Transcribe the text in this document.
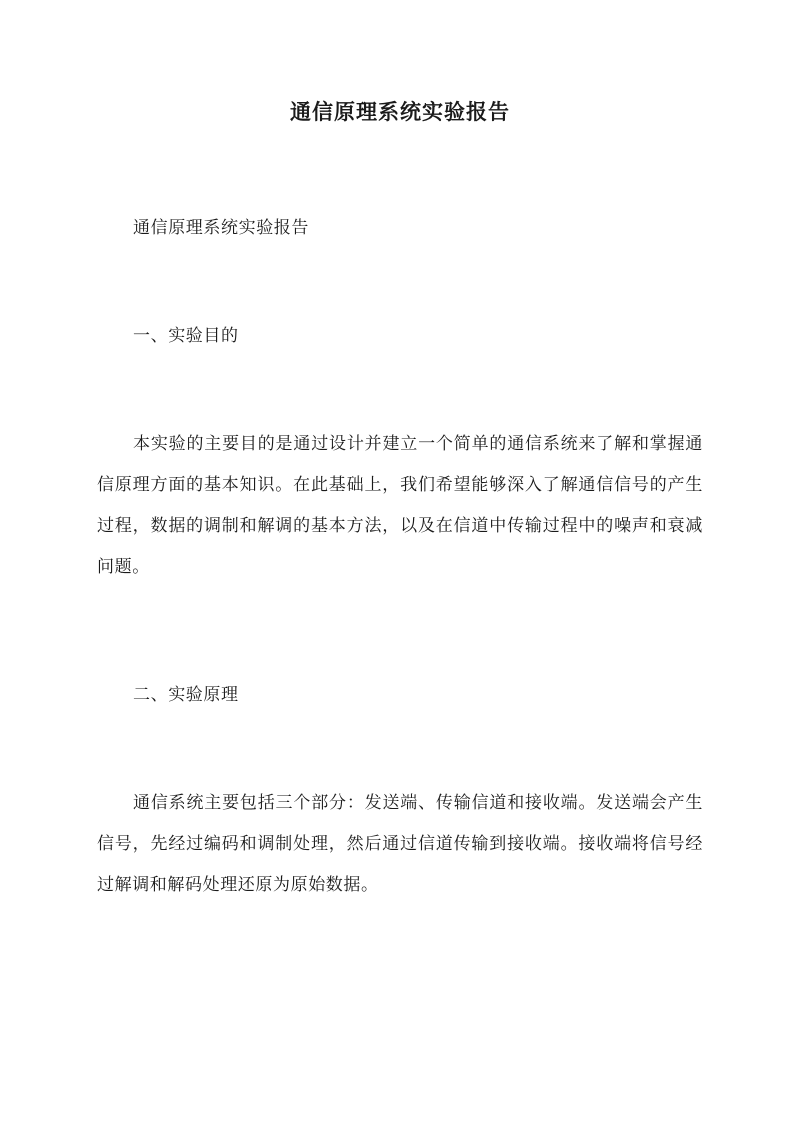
通信原理系统实验报告

通信原理系统实验报告

一、实验目的

本实验的主要目的是通过设计并建立一个简单的通信系统来了解和掌握通信原理方面的基本知识。在此基础上，我们希望能够深入了解通信信号的产生过程，数据的调制和解调的基本方法，以及在信道中传输过程中的噪声和衰减问题。

二、实验原理

通信系统主要包括三个部分：发送端、传输信道和接收端。发送端会产生信号，先经过编码和调制处理，然后通过信道传输到接收端。接收端将信号经过解调和解码处理还原为原始数据。
